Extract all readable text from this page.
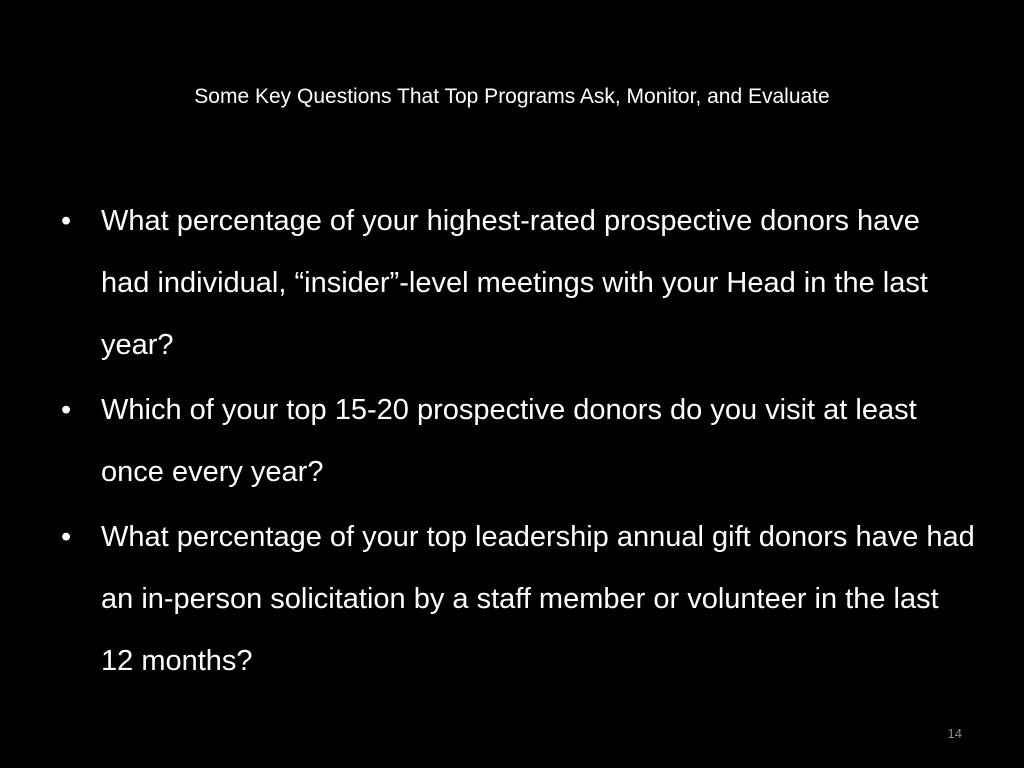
Some Key Questions That Top Programs Ask, Monitor, and Evaluate
• What percentage of your highest-rated prospective donors have had individual, “insider”-level meetings with your Head in the last year?
• Which of your top 15-20 prospective donors do you visit at least once every year?
• What percentage of your top leadership annual gift donors have had an in-person solicitation by a staff member or volunteer in the last 12 months?
14
